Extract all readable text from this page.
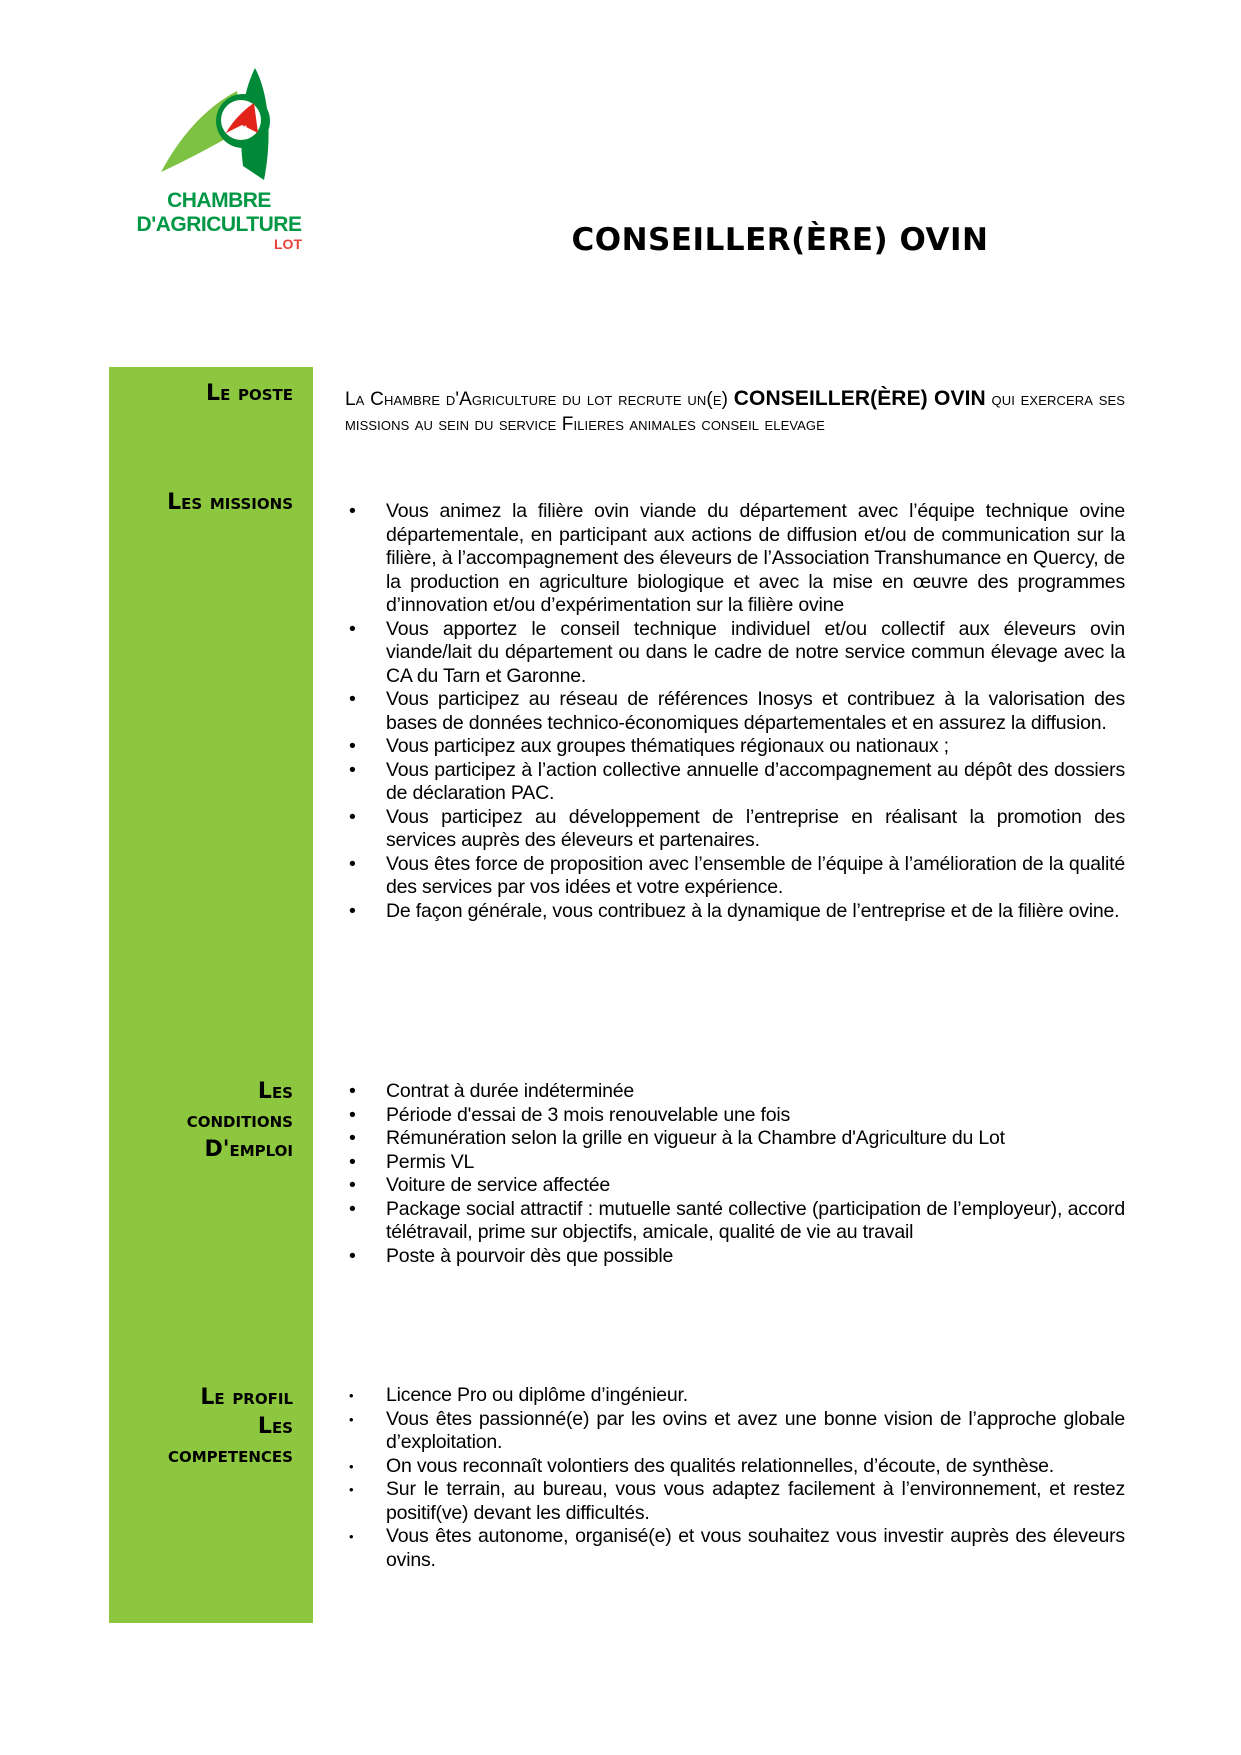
CHAMBRE
D'AGRICULTURE
LOT	CONSEILLER(ÈRE) OVIN
Le poste
Les missions
Les
conditions
D'emploi
Le profil
Les
competences
La Chambre d'Agriculture du lot recrute un(e) CONSEILLER(ÈRE) OVIN qui exercera ses missions au sein du service Filieres animales conseil elevage
• Vous animez la filière ovin viande du département avec l’équipe technique ovine départementale, en participant aux actions de diffusion et/ou de communication sur la filière, à l’accompagnement des éleveurs de l’Association Transhumance en Quercy, de la production en agriculture biologique et avec la mise en œuvre des programmes d’innovation et/ou d’expérimentation sur la filière ovine
• Vous apportez le conseil technique individuel et/ou collectif aux éleveurs ovin viande/lait du département ou dans le cadre de notre service commun élevage avec la CA du Tarn et Garonne.
• Vous participez au réseau de références Inosys et contribuez à la valorisation des bases de données technico-économiques départementales et en assurez la diffusion.
• Vous participez aux groupes thématiques régionaux ou nationaux ;
• Vous participez à l’action collective annuelle d’accompagnement au dépôt des dossiers de déclaration PAC.
• Vous participez au développement de l’entreprise en réalisant la promotion des services auprès des éleveurs et partenaires.
• Vous êtes force de proposition avec l’ensemble de l’équipe à l’amélioration de la qualité des services par vos idées et votre expérience.
• De façon générale, vous contribuez à la dynamique de l’entreprise et de la filière ovine.
• Contrat à durée indéterminée
• Période d'essai de 3 mois renouvelable une fois
• Rémunération selon la grille en vigueur à la Chambre d'Agriculture du Lot
• Permis VL
• Voiture de service affectée
• Package social attractif : mutuelle santé collective (participation de l’employeur), accord télétravail, prime sur objectifs, amicale, qualité de vie au travail
• Poste à pourvoir dès que possible
• Licence Pro ou diplôme d’ingénieur.
• Vous êtes passionné(e) par les ovins et avez une bonne vision de l’approche globale d’exploitation.
• On vous reconnaît volontiers des qualités relationnelles, d’écoute, de synthèse.
• Sur le terrain, au bureau, vous vous adaptez facilement à l’environnement, et restez positif(ve) devant les difficultés.
• Vous êtes autonome, organisé(e) et vous souhaitez vous investir auprès des éleveurs ovins.
